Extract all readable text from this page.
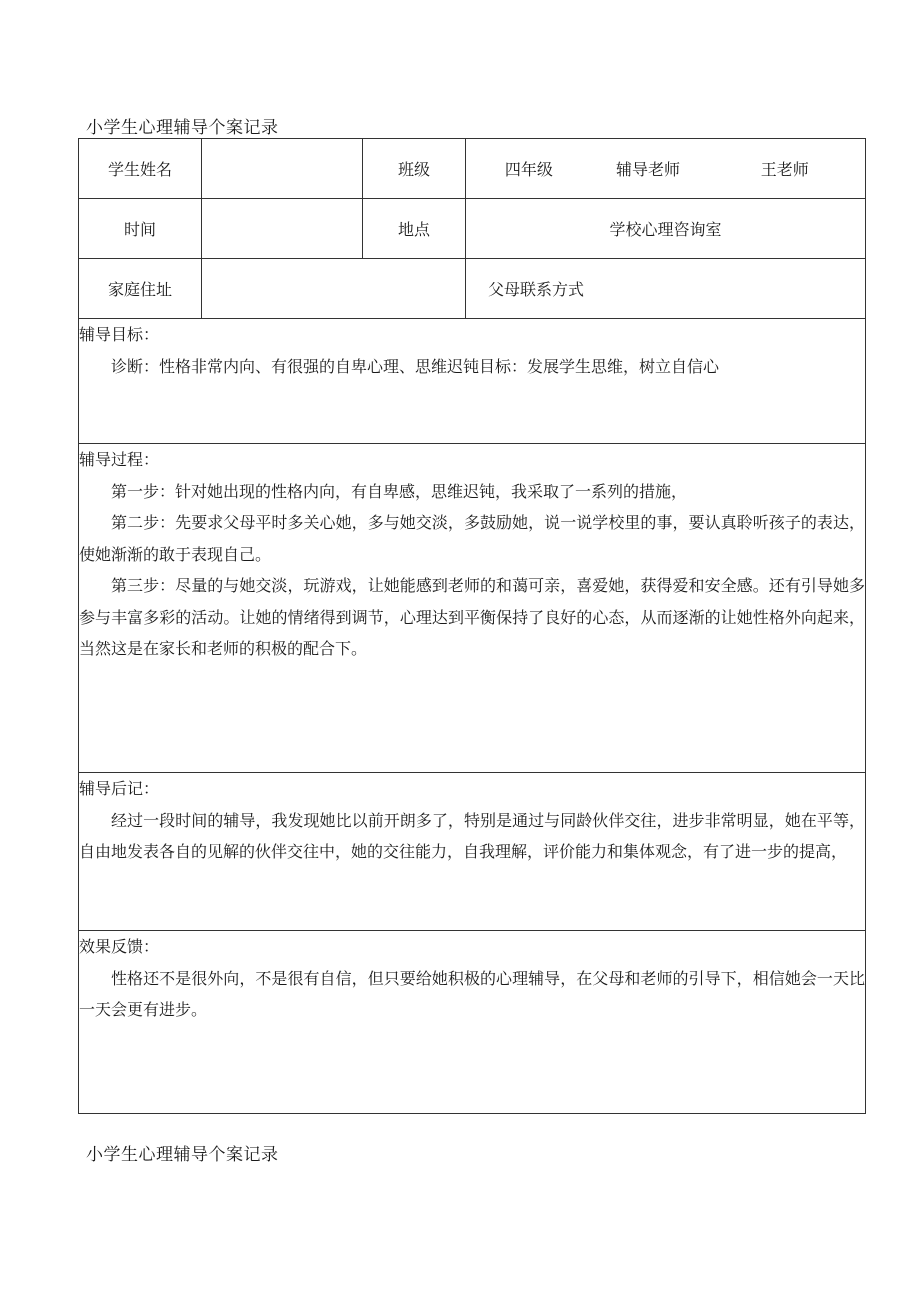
小学生心理辅导个案记录
学生姓名		班级	四年级 辅导老师 王老师

时间		地点	学校心理咨询室
家庭住址			父母联系方式

辅导目标：

诊断：性格非常内向、有很强的自卑心理、思维迟钝目标：发展学生思维，树立自信心			

辅导过程：

第一步：针对她出现的性格内向，有自卑感，思维迟钝，我采取了一系列的措施，

第二步：先要求父母平时多关心她，多与她交淡，多鼓励她，说一说学校里的事，要认真聆听孩子的表达，使她渐渐的敢于表现自己。

第三步：尽量的与她交淡，玩游戏，让她能感到老师的和蔼可亲，喜爱她，获得爱和安全感。还有引导她多参与丰富多彩的活动。让她的情绪得到调节，心理达到平衡保持了良好的心态，从而逐渐的让她性格外向起来，当然这是在家长和老师的积极的配合下。			

辅导后记：

经过一段时间的辅导，我发现她比以前开朗多了，特别是通过与同龄伙伴交往，进步非常明显，她在平等，自由地发表各自的见解的伙伴交往中，她的交往能力，自我理解，评价能力和集体观念，有了进一步的提高，			

效果反馈：

性格还不是很外向，不是很有自信，但只要给她积极的心理辅导，在父母和老师的引导下，相信她会一天比一天会更有进步。			

小学生心理辅导个案记录
